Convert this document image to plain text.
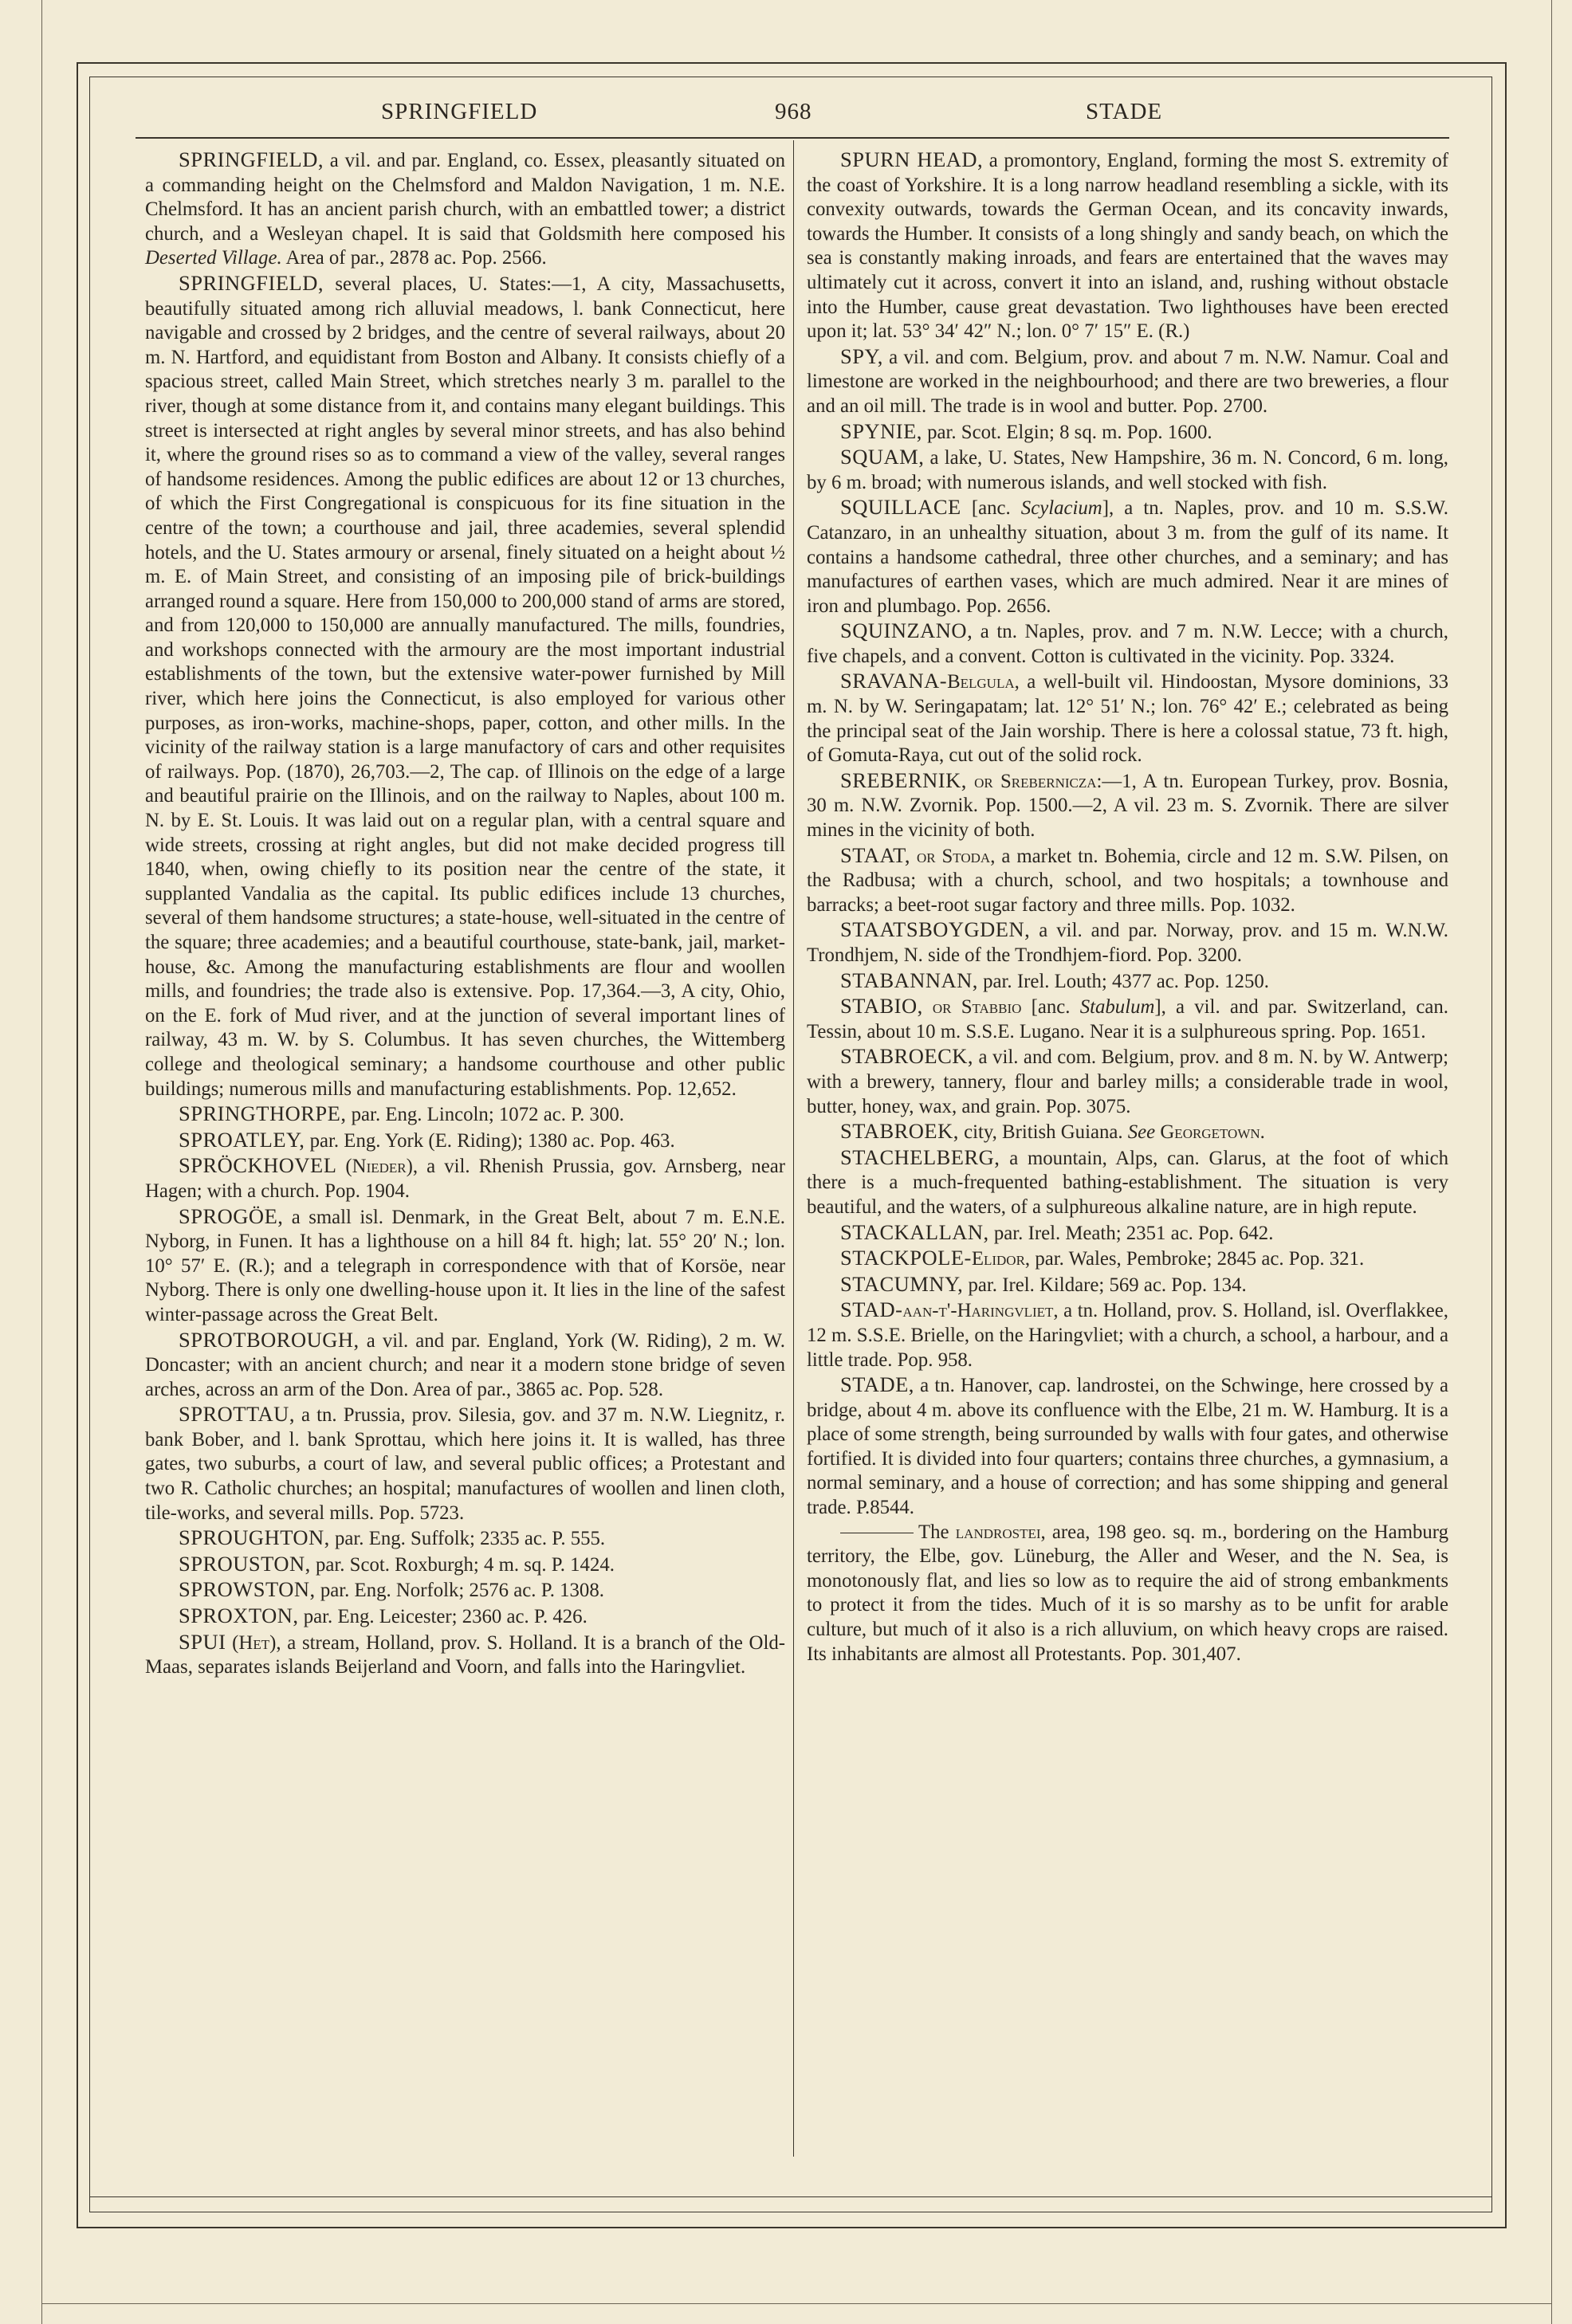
SPRINGFIELD	968	STADE

SPRINGFIELD, a vil. and par. England, co. Essex, pleasantly situated on a commanding height on the Chelmsford and Maldon Navigation, 1 m. N.E. Chelmsford. It has an ancient parish church, with an embattled tower; a district church, and a Wesleyan chapel. It is said that Goldsmith here composed his Deserted Village. Area of par., 2878 ac. Pop. 2566.

SPRINGFIELD, several places, U. States:—1, A city, Massachusetts, beautifully situated among rich alluvial meadows, l. bank Connecticut, here navigable and crossed by 2 bridges, and the centre of several railways, about 20 m. N. Hartford, and equidistant from Boston and Albany. It consists chiefly of a spacious street, called Main Street, which stretches nearly 3 m. parallel to the river, though at some distance from it, and contains many elegant buildings. This street is intersected at right angles by several minor streets, and has also behind it, where the ground rises so as to command a view of the valley, several ranges of handsome residences. Among the public edifices are about 12 or 13 churches, of which the First Congregational is conspicuous for its fine situation in the centre of the town; a courthouse and jail, three academies, several splendid hotels, and the U. States armoury or arsenal, finely situated on a height about ½ m. E. of Main Street, and consisting of an imposing pile of brick-buildings arranged round a square. Here from 150,000 to 200,000 stand of arms are stored, and from 120,000 to 150,000 are annually manufactured. The mills, foundries, and workshops connected with the armoury are the most important industrial establishments of the town, but the extensive water-power furnished by Mill river, which here joins the Connecticut, is also employed for various other purposes, as iron-works, machine-shops, paper, cotton, and other mills. In the vicinity of the railway station is a large manufactory of cars and other requisites of railways. Pop. (1870), 26,703.—2, The cap. of Illinois on the edge of a large and beautiful prairie on the Illinois, and on the railway to Naples, about 100 m. N. by E. St. Louis. It was laid out on a regular plan, with a central square and wide streets, crossing at right angles, but did not make decided progress till 1840, when, owing chiefly to its position near the centre of the state, it supplanted Vandalia as the capital. Its public edifices include 13 churches, several of them handsome structures; a state-house, well-situated in the centre of the square; three academies; and a beautiful courthouse, state-bank, jail, market-house, &c. Among the manufacturing establishments are flour and woollen mills, and foundries; the trade also is extensive. Pop. 17,364.—3, A city, Ohio, on the E. fork of Mud river, and at the junction of several important lines of railway, 43 m. W. by S. Columbus. It has seven churches, the Wittemberg college and theological seminary; a handsome courthouse and other public buildings; numerous mills and manufacturing establishments. Pop. 12,652.

SPRINGTHORPE, par. Eng. Lincoln; 1072 ac. P. 300.

SPROATLEY, par. Eng. York (E. Riding); 1380 ac. Pop. 463.

SPRÖCKHOVEL (Nieder), a vil. Rhenish Prussia, gov. Arnsberg, near Hagen; with a church. Pop. 1904.

SPROGÖE, a small isl. Denmark, in the Great Belt, about 7 m. E.N.E. Nyborg, in Funen. It has a lighthouse on a hill 84 ft. high; lat. 55° 20′ N.; lon. 10° 57′ E. (R.); and a telegraph in correspondence with that of Korsöe, near Nyborg. There is only one dwelling-house upon it. It lies in the line of the safest winter-passage across the Great Belt.

SPROTBOROUGH, a vil. and par. England, York (W. Riding), 2 m. W. Doncaster; with an ancient church; and near it a modern stone bridge of seven arches, across an arm of the Don. Area of par., 3865 ac. Pop. 528.

SPROTTAU, a tn. Prussia, prov. Silesia, gov. and 37 m. N.W. Liegnitz, r. bank Bober, and l. bank Sprottau, which here joins it. It is walled, has three gates, two suburbs, a court of law, and several public offices; a Protestant and two R. Catholic churches; an hospital; manufactures of woollen and linen cloth, tile-works, and several mills. Pop. 5723.

SPROUGHTON, par. Eng. Suffolk; 2335 ac. P. 555.

SPROUSTON, par. Scot. Roxburgh; 4 m. sq. P. 1424.

SPROWSTON, par. Eng. Norfolk; 2576 ac. P. 1308.

SPROXTON, par. Eng. Leicester; 2360 ac. P. 426.

SPUI (Het), a stream, Holland, prov. S. Holland. It is a branch of the Old-Maas, separates islands Beijerland and Voorn, and falls into the Haringvliet.

SPURN HEAD, a promontory, England, forming the most S. extremity of the coast of Yorkshire. It is a long narrow headland resembling a sickle, with its convexity outwards, towards the German Ocean, and its concavity inwards, towards the Humber. It consists of a long shingly and sandy beach, on which the sea is constantly making inroads, and fears are entertained that the waves may ultimately cut it across, convert it into an island, and, rushing without obstacle into the Humber, cause great devastation. Two lighthouses have been erected upon it; lat. 53° 34′ 42″ N.; lon. 0° 7′ 15″ E. (R.)

SPY, a vil. and com. Belgium, prov. and about 7 m. N.W. Namur. Coal and limestone are worked in the neighbourhood; and there are two breweries, a flour and an oil mill. The trade is in wool and butter. Pop. 2700.

SPYNIE, par. Scot. Elgin; 8 sq. m. Pop. 1600.

SQUAM, a lake, U. States, New Hampshire, 36 m. N. Concord, 6 m. long, by 6 m. broad; with numerous islands, and well stocked with fish.

SQUILLACE [anc. Scylacium], a tn. Naples, prov. and 10 m. S.S.W. Catanzaro, in an unhealthy situation, about 3 m. from the gulf of its name. It contains a handsome cathedral, three other churches, and a seminary; and has manufactures of earthen vases, which are much admired. Near it are mines of iron and plumbago. Pop. 2656.

SQUINZANO, a tn. Naples, prov. and 7 m. N.W. Lecce; with a church, five chapels, and a convent. Cotton is cultivated in the vicinity. Pop. 3324.

SRAVANA-Belgula, a well-built vil. Hindoostan, Mysore dominions, 33 m. N. by W. Seringapatam; lat. 12° 51′ N.; lon. 76° 42′ E.; celebrated as being the principal seat of the Jain worship. There is here a colossal statue, 73 ft. high, of Gomuta-Raya, cut out of the solid rock.

SREBERNIK, or Srebernicza:—1, A tn. European Turkey, prov. Bosnia, 30 m. N.W. Zvornik. Pop. 1500.—2, A vil. 23 m. S. Zvornik. There are silver mines in the vicinity of both.

STAAT, or Stoda, a market tn. Bohemia, circle and 12 m. S.W. Pilsen, on the Radbusa; with a church, school, and two hospitals; a townhouse and barracks; a beet-root sugar factory and three mills. Pop. 1032.

STAATSBOYGDEN, a vil. and par. Norway, prov. and 15 m. W.N.W. Trondhjem, N. side of the Trondhjem-fiord. Pop. 3200.

STABANNAN, par. Irel. Louth; 4377 ac. Pop. 1250.

STABIO, or Stabbio [anc. Stabulum], a vil. and par. Switzerland, can. Tessin, about 10 m. S.S.E. Lugano. Near it is a sulphureous spring. Pop. 1651.

STABROECK, a vil. and com. Belgium, prov. and 8 m. N. by W. Antwerp; with a brewery, tannery, flour and barley mills; a considerable trade in wool, butter, honey, wax, and grain. Pop. 3075.

STABROEK, city, British Guiana. See Georgetown.

STACHELBERG, a mountain, Alps, can. Glarus, at the foot of which there is a much-frequented bathing-establishment. The situation is very beautiful, and the waters, of a sulphureous alkaline nature, are in high repute.

STACKALLAN, par. Irel. Meath; 2351 ac. Pop. 642.

STACKPOLE-Elidor, par. Wales, Pembroke; 2845 ac. Pop. 321.

STACUMNY, par. Irel. Kildare; 569 ac. Pop. 134.

STAD-aan-t'-Haringvliet, a tn. Holland, prov. S. Holland, isl. Overflakkee, 12 m. S.S.E. Brielle, on the Haringvliet; with a church, a school, a harbour, and a little trade. Pop. 958.

STADE, a tn. Hanover, cap. landrostei, on the Schwinge, here crossed by a bridge, about 4 m. above its confluence with the Elbe, 21 m. W. Hamburg. It is a place of some strength, being surrounded by walls with four gates, and otherwise fortified. It is divided into four quarters; contains three churches, a gymnasium, a normal seminary, and a house of correction; and has some shipping and general trade. P.8544.

The landrostei, area, 198 geo. sq. m., bordering on the Hamburg territory, the Elbe, gov. Lüneburg, the Aller and Weser, and the N. Sea, is monotonously flat, and lies so low as to require the aid of strong embankments to protect it from the tides. Much of it is so marshy as to be unfit for arable culture, but much of it also is a rich alluvium, on which heavy crops are raised. Its inhabitants are almost all Protestants. Pop. 301,407.
